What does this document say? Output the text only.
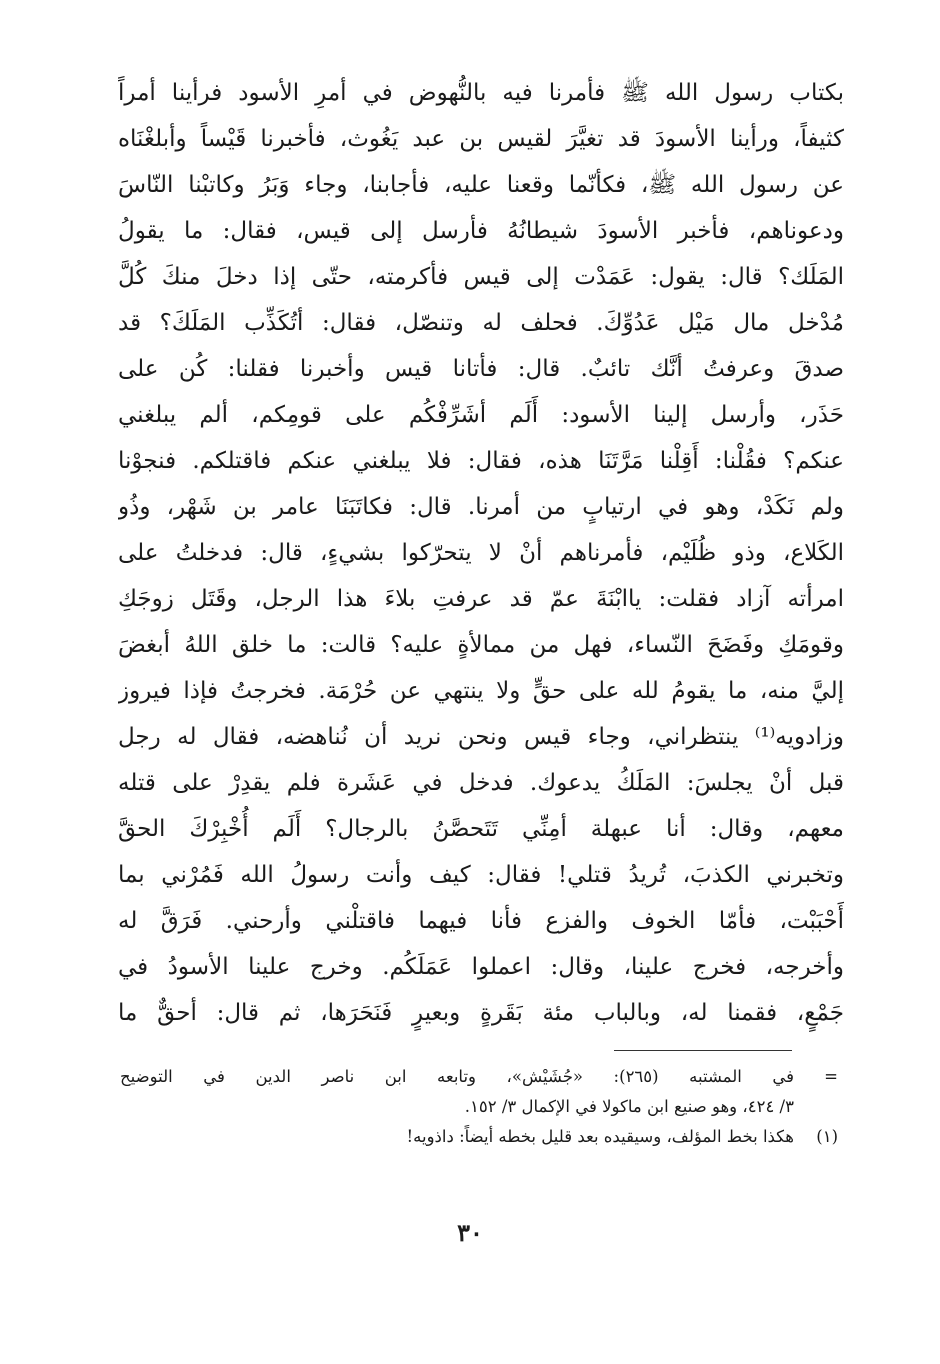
بكتاب رسول الله ﷺ فأمرنا فيه بالنُّهوض في أمرِ الأسود فرأينا أمراً
كثيفاً، ورأينا الأسودَ قد تغيَّرَ لقيس بن عبد يَغُوث، فأخبرنا قَيْساً وأبلغْنَاه
عن رسول الله ﷺ، فكأنّما وقعنا عليه، فأجابنا، وجاء وَبَرُ وكاتبْنا النّاسَ
ودعوناهم، فأخبر الأسودَ شيطانُهُ فأرسل إلى قيس، فقال: ما يقولُ
المَلَك؟ قال: يقول: عَمَدْت إلى قيس فأكرمته، حتّى إذا دخلَ منكَ كُلَّ
مُدْخل مال مَيْل عَدُوِّكَ. فحلف له وتنصّل، فقال: أتُكَذِّب المَلَكَ؟ قد
صدقَ وعرفتُ أنَّك تائبٌ. قال: فأتانا قيس وأخبرنا فقلنا: كُن على
حَذَر، وأرسل إلينا الأسود: أَلَم أشَرِّفْكُم على قومِكم، ألم يبلغني
عنكم؟ فقُلْنا: أَقِلْنا مَرَّتَنَا هذه، فقال: فلا يبلغني عنكم فاقتلكم. فنجوْنا
ولم نَكَدْ، وهو في ارتيابٍ من أمرنا. قال: فكاتَبَنَا عامر بن شَهْر، وذُو
الكَلاع، وذو ظُلَيْم، فأمرناهم أنْ لا يتحرّكوا بشيءٍ، قال: فدخلتُ على
امرأته آزاد فقلت: ياابْنَةَ عمّ قد عرفتِ بلاءَ هذا الرجل، وقَتَل زوجَكِ
وقومَكِ وفَضَحَ النّساء، فهل من ممالأةٍ عليه؟ قالت: ما خلق اللهُ أبغضَ
إليَّ منه، ما يقومُ لله على حقٍّ ولا ينتهي عن حُرْمَة. فخرجتُ فإذا فيروز
وزادويه⁽¹⁾ ينتظراني، وجاء قيس ونحن نريد أن نُناهضه، فقال له رجل
قبل أنْ يجلسَ: المَلَكُ يدعوك. فدخل في عَشَرة فلم يقدِرْ على قتله
معهم، وقال: أنا عبهلة أمِنِّي تَتَحصَّنُ بالرجال؟ أَلَم أُخْبِرْكَ الحقَّ
وتخبرني الكذبَ، تُريدُ قتلي! فقال: كيف وأنت رسولُ الله فَمُرْني بما
أَحْبَبْت، فأمّا الخوف والفزع فأنا فيهما فاقتلْني وأرحني. فَرَقَّ له
وأخرجه، فخرج علينا، وقال: اعملوا عَمَلَكُم. وخرج علينا الأسودُ في
جَمْعٍ، فقمنا له، وبالباب مئة بَقَرةٍ وبعيرٍ فَنَحَرَها، ثم قال: أحقٌّ ما
=
في المشتبه (٢٦٥): «جُشَيْش»، وتابعه ابن ناصر الدين في التوضيح
٣/ ٤٢٤، وهو صنيع ابن ماكولا في الإكمال ٣/ ١٥٢.
(١)
هكذا بخط المؤلف، وسيقيده بعد قليل بخطه أيضاً: داذويه!
٣٠
